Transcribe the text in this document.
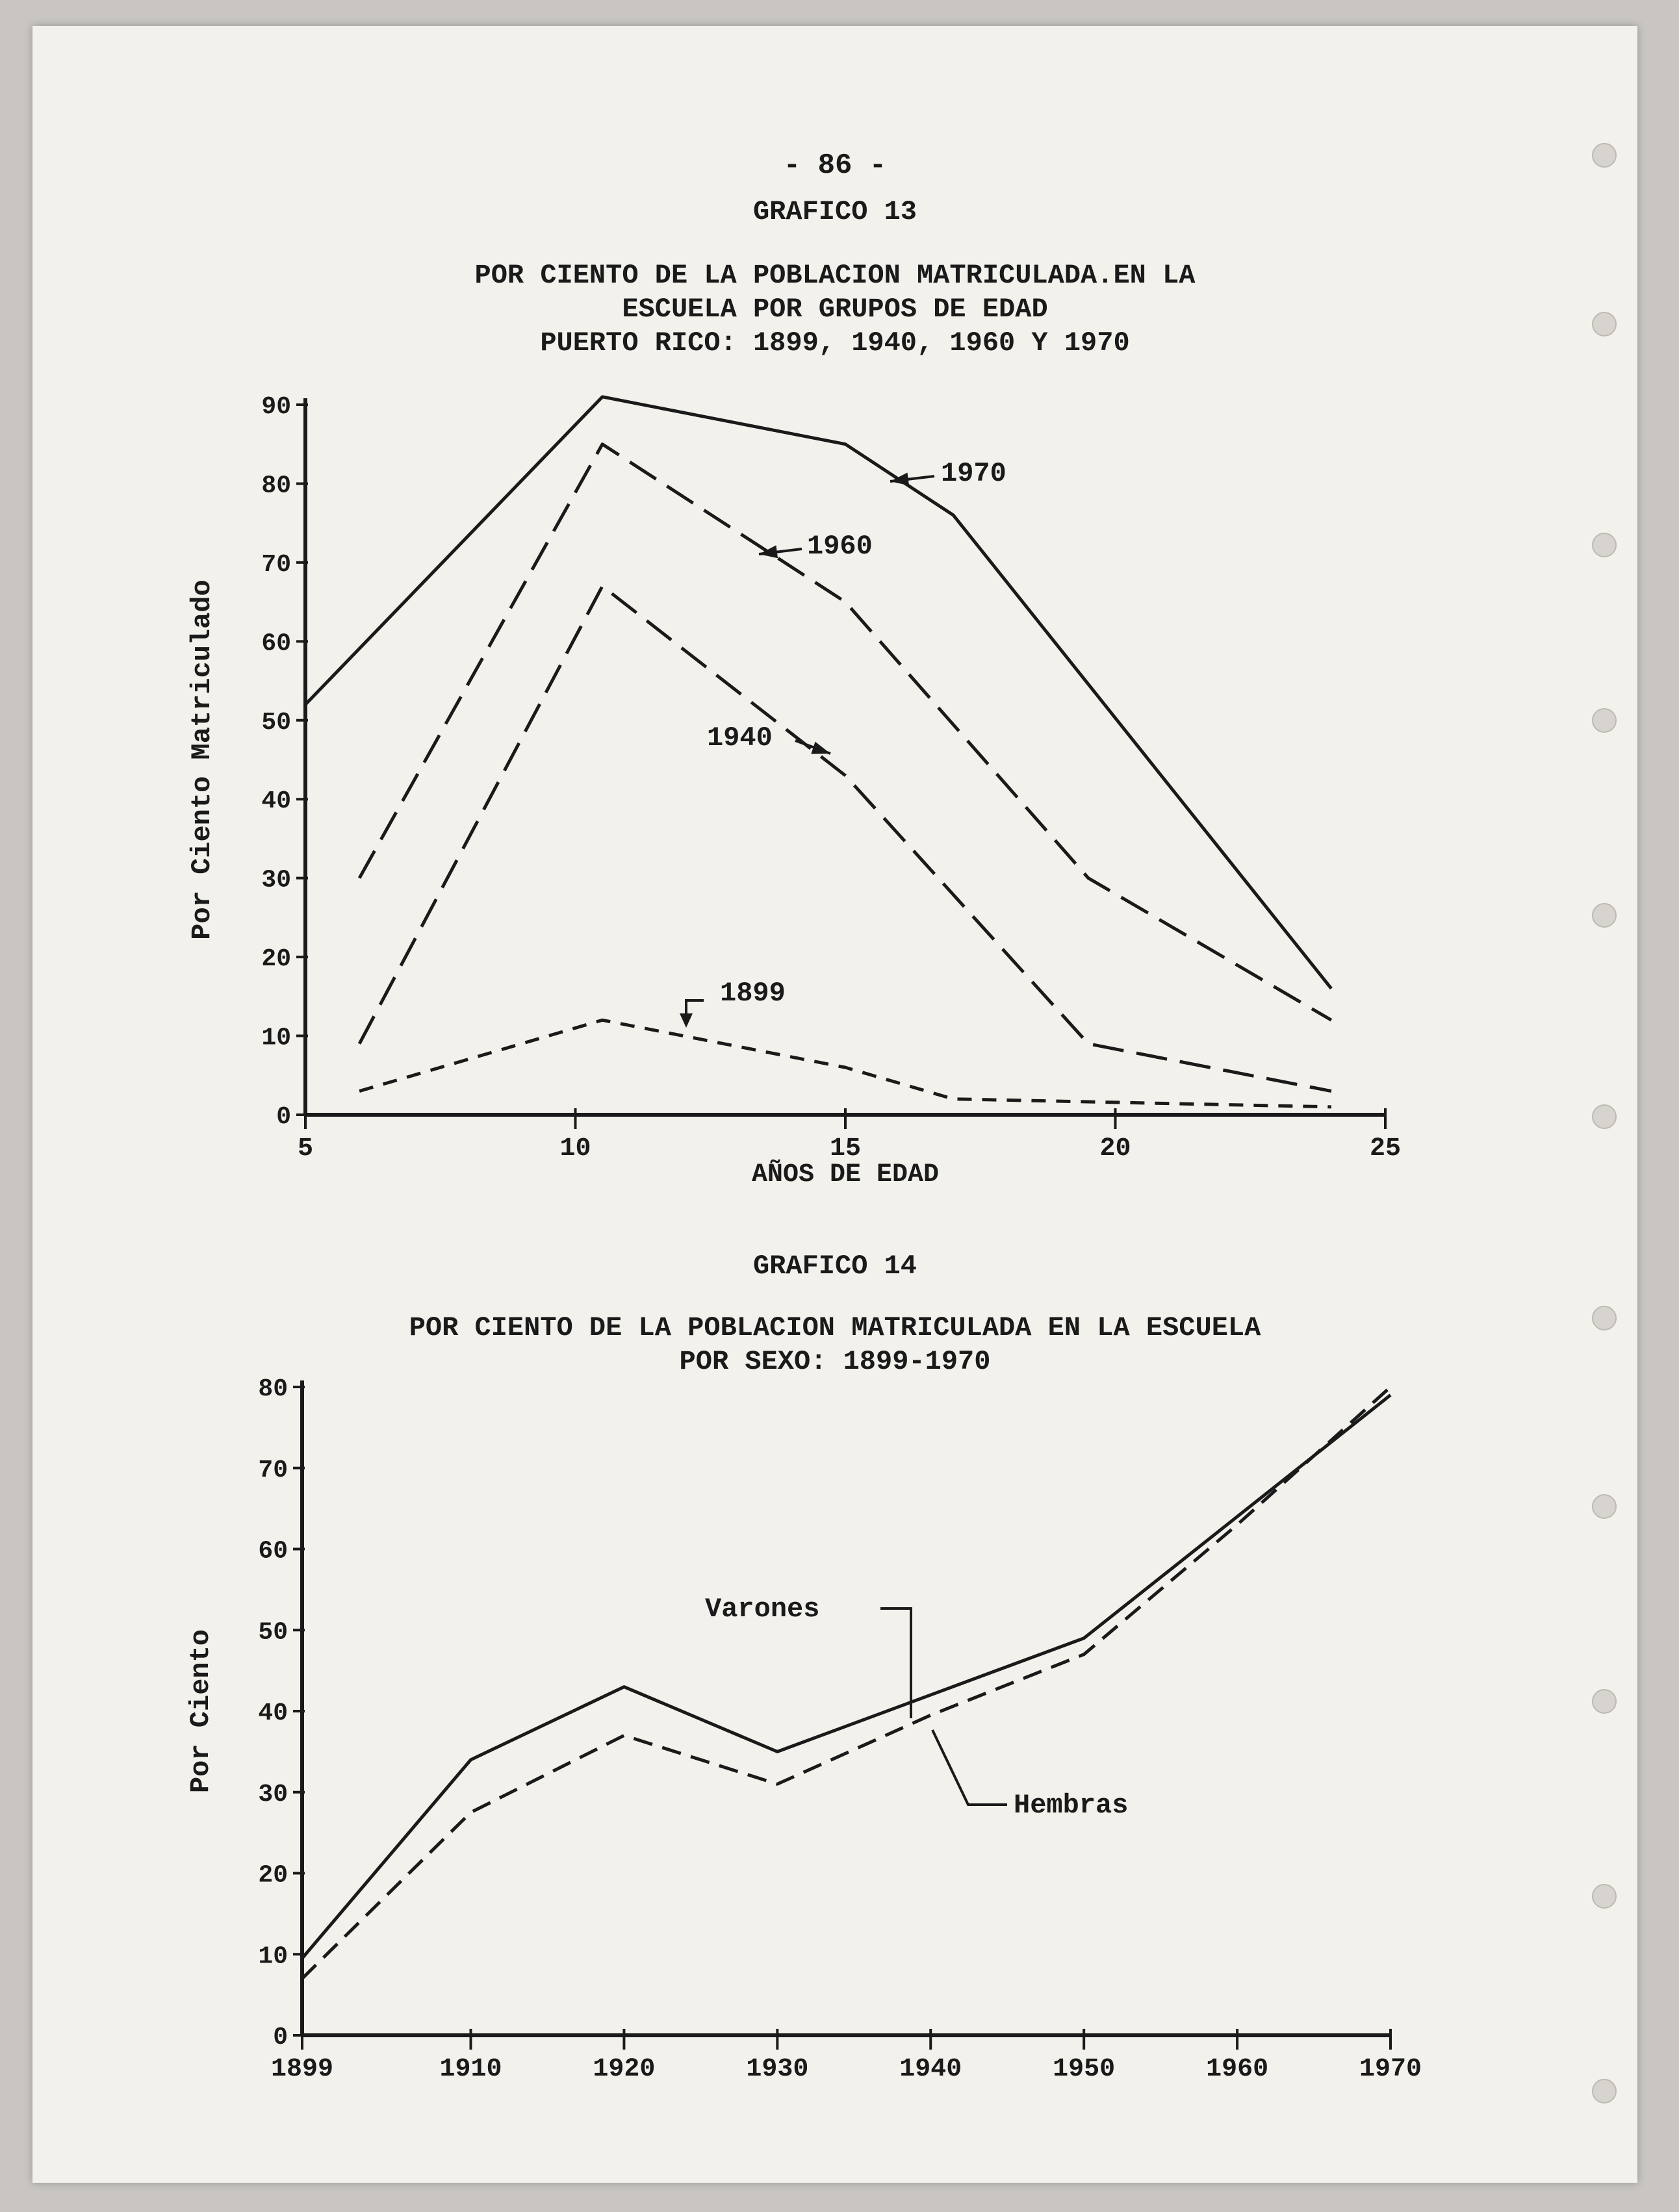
- 86 -
GRAFICO 13
POR CIENTO DE LA POBLACION MATRICULADA.EN LA
ESCUELA POR GRUPOS DE EDAD
PUERTO RICO: 1899, 1940, 1960 Y 1970
GRAFICO 14
POR CIENTO DE LA POBLACION MATRICULADA EN LA ESCUELA
POR SEXO: 1899-1970
0
10
20
30
40
50
60
70
80
90
5	10	15	20	25
Por Ciento Matriculado
AÑOS DE EDAD
1970
1960
1940
1899
0
10
20
30
40
50
60
70
80
1899	1910	1920	1930	1940	1950	1960	1970
Por Ciento
Varones
Hembras
